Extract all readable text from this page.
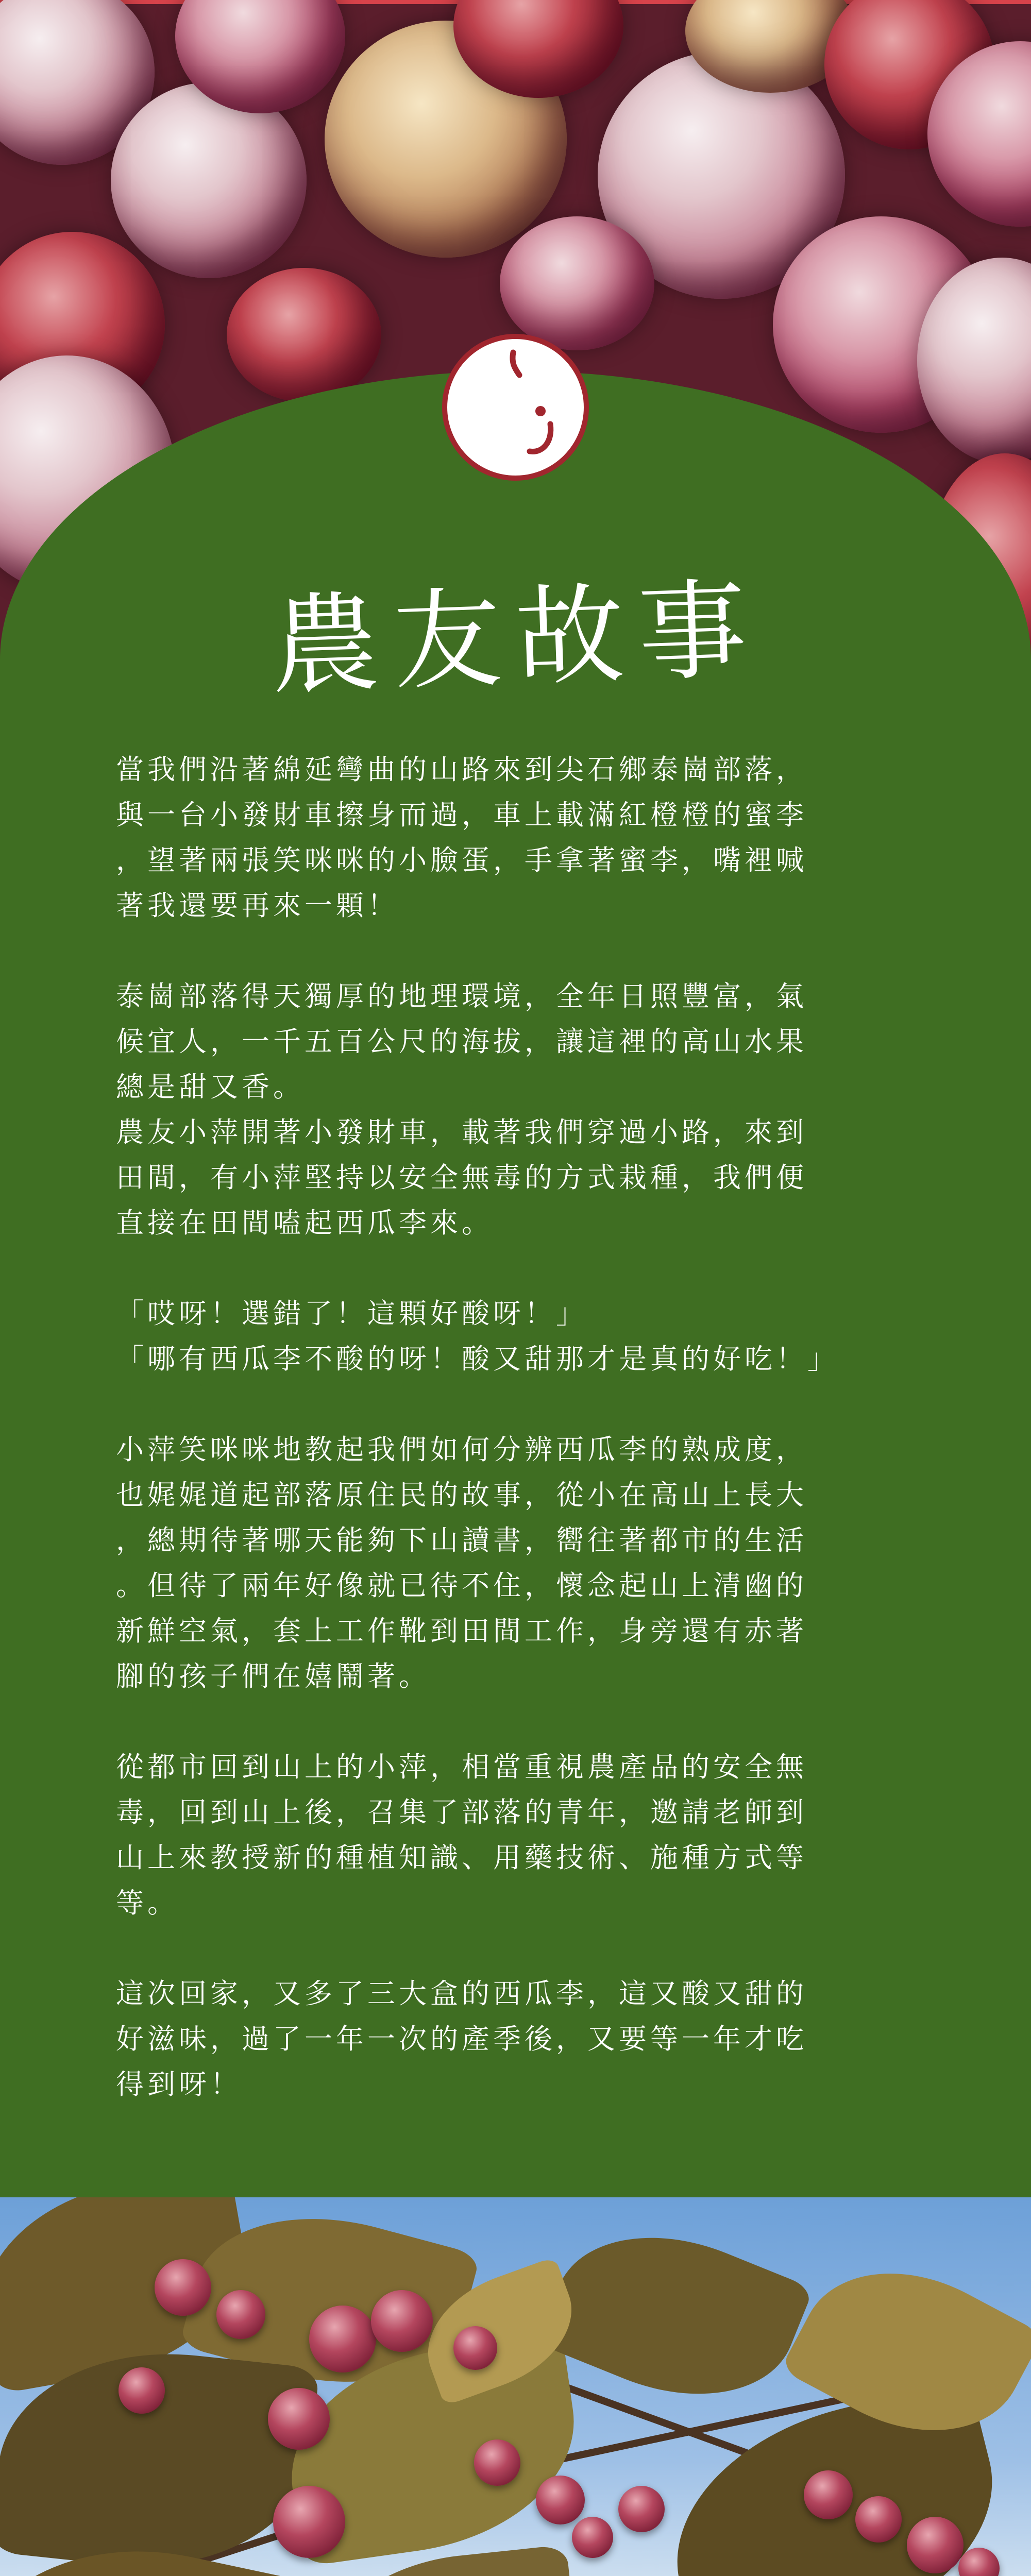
農友故事

當我們沿著綿延彎曲的山路來到尖石鄉泰崗部落，
與一台小發財車擦身而過，車上載滿紅橙橙的蜜李
，望著兩張笑咪咪的小臉蛋，手拿著蜜李，嘴裡喊
著我還要再來一顆！

泰崗部落得天獨厚的地理環境，全年日照豐富，氣
候宜人，一千五百公尺的海拔，讓這裡的高山水果
總是甜又香。

農友小萍開著小發財車，載著我們穿過小路，來到
田間，有小萍堅持以安全無毒的方式栽種，我們便
直接在田間嗑起西瓜李來。

「哎呀！選錯了！這顆好酸呀！」
「哪有西瓜李不酸的呀！酸又甜那才是真的好吃！」

小萍笑咪咪地教起我們如何分辨西瓜李的熟成度，
也娓娓道起部落原住民的故事，從小在高山上長大
，總期待著哪天能夠下山讀書，嚮往著都市的生活
。但待了兩年好像就已待不住，懷念起山上清幽的
新鮮空氣，套上工作靴到田間工作，身旁還有赤著
腳的孩子們在嬉鬧著。

從都市回到山上的小萍，相當重視農產品的安全無
毒，回到山上後，召集了部落的青年，邀請老師到
山上來教授新的種植知識、用藥技術、施種方式等
等。

這次回家，又多了三大盒的西瓜李，這又酸又甜的
好滋味，過了一年一次的產季後，又要等一年才吃
得到呀！
